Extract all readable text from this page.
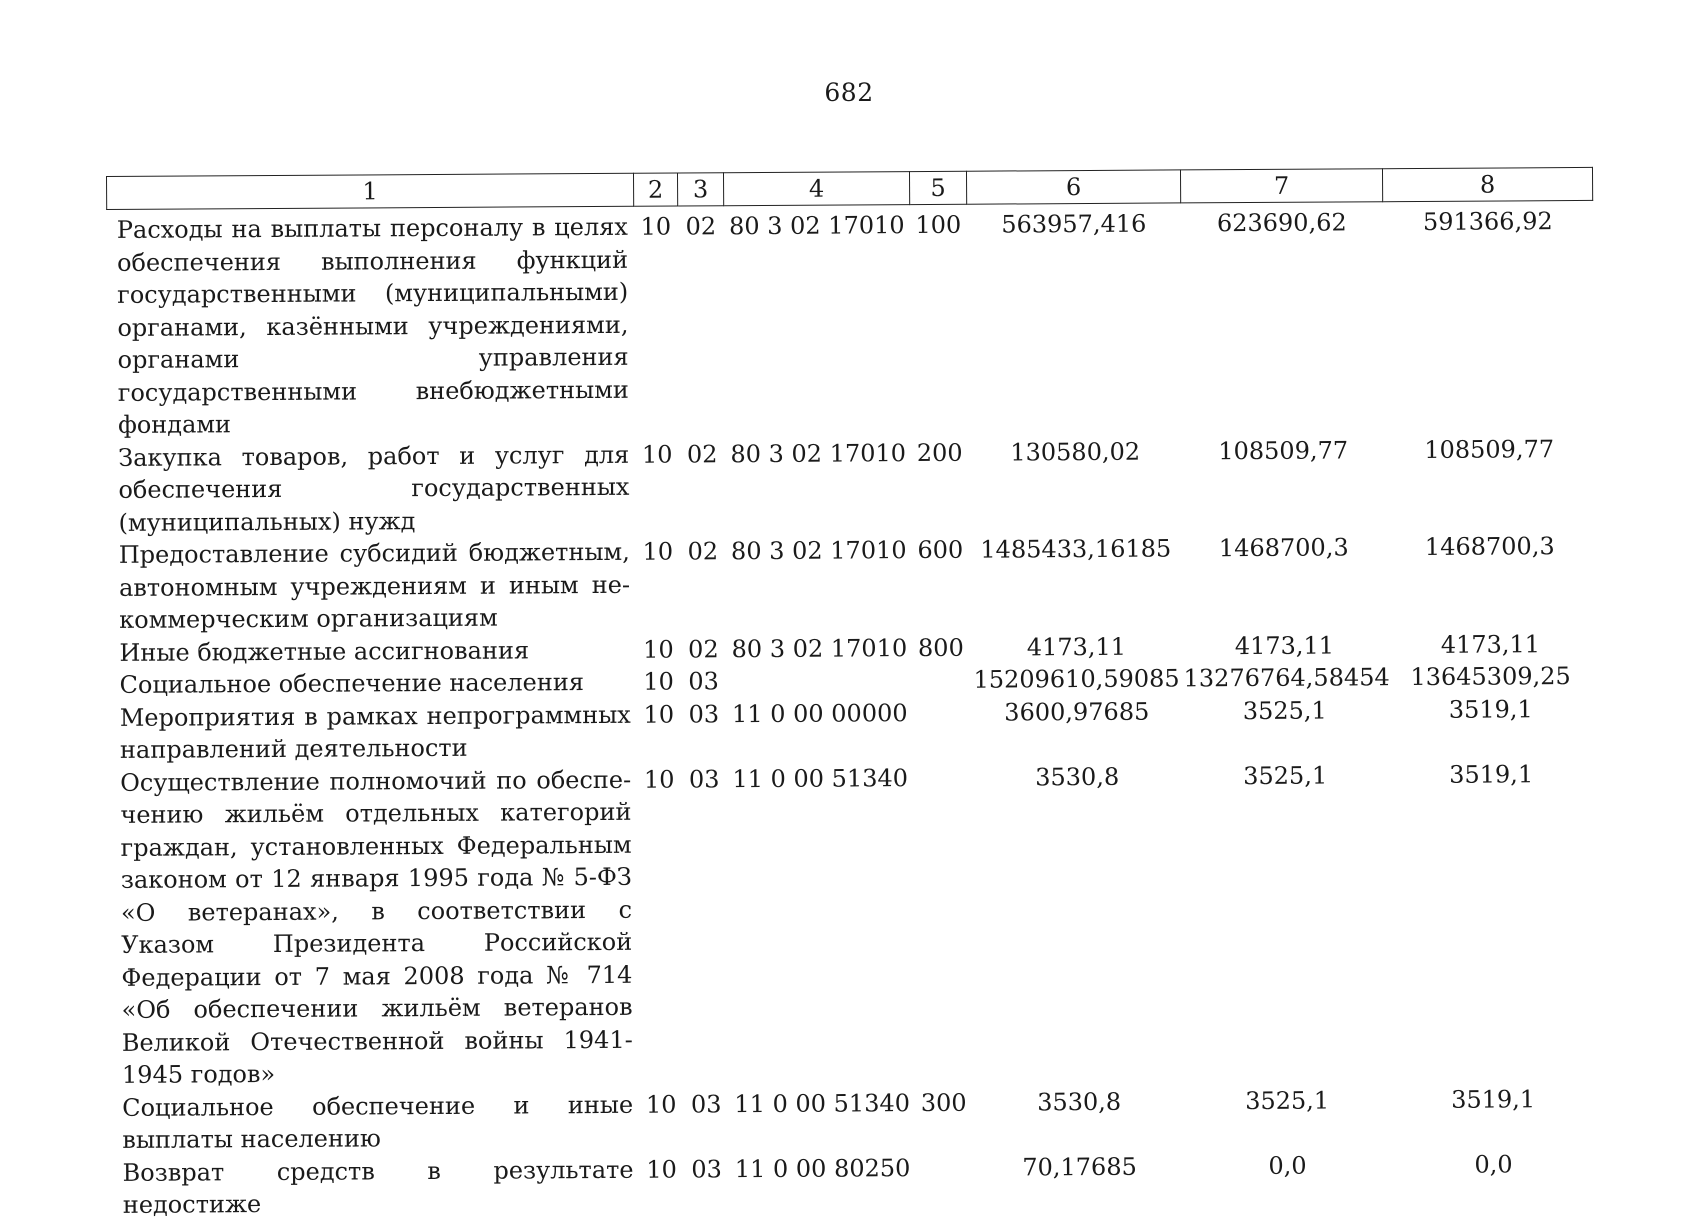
682
1	2	3	4	5	6	7	8

Расходы на выплаты персоналу в целях обеспечения выполнения функций государственными (муниципальными) органами, казёнными учреждениями, органами управления государственными внебюджетными фондами	10	02	80 3 02 17010	100	563957,416	623690,62	591366,92
Закупка товаров, работ и услуг для обеспечения государственных (муниципальных) нужд	10	02	80 3 02 17010	200	130580,02	108509,77	108509,77
Предоставление субсидий бюджетным, автономным учреждениям и иным некоммерческим организациям	10	02	80 3 02 17010	600	1485433,16185	1468700,3	1468700,3
Иные бюджетные ассигнования	10	02	80 3 02 17010	800	4173,11	4173,11	4173,11
Социальное обеспечение населения	10	03			15209610,59085	13276764,58454	13645309,25
Мероприятия в рамках непрограммных направлений деятельности	10	03	11 0 00 00000		3600,97685	3525,1	3519,1
Осуществление полномочий по обеспечению жильём отдельных категорий граждан, установленных Федеральным законом от 12 января 1995 года № 5-ФЗ «О ветеранах», в соответствии с Указом Президента Российской Федерации от 7 мая 2008 года № 714 «Об обеспечении жильём ветеранов Великой Отечественной войны 1941-1945 годов»	10	03	11 0 00 51340		3530,8	3525,1	3519,1
Социальное обеспечение и иные выплаты населению	10	03	11 0 00 51340	300	3530,8	3525,1	3519,1
Возврат средств в результате недостиже	10	03	11 0 00 80250		70,17685	0,0	0,0
